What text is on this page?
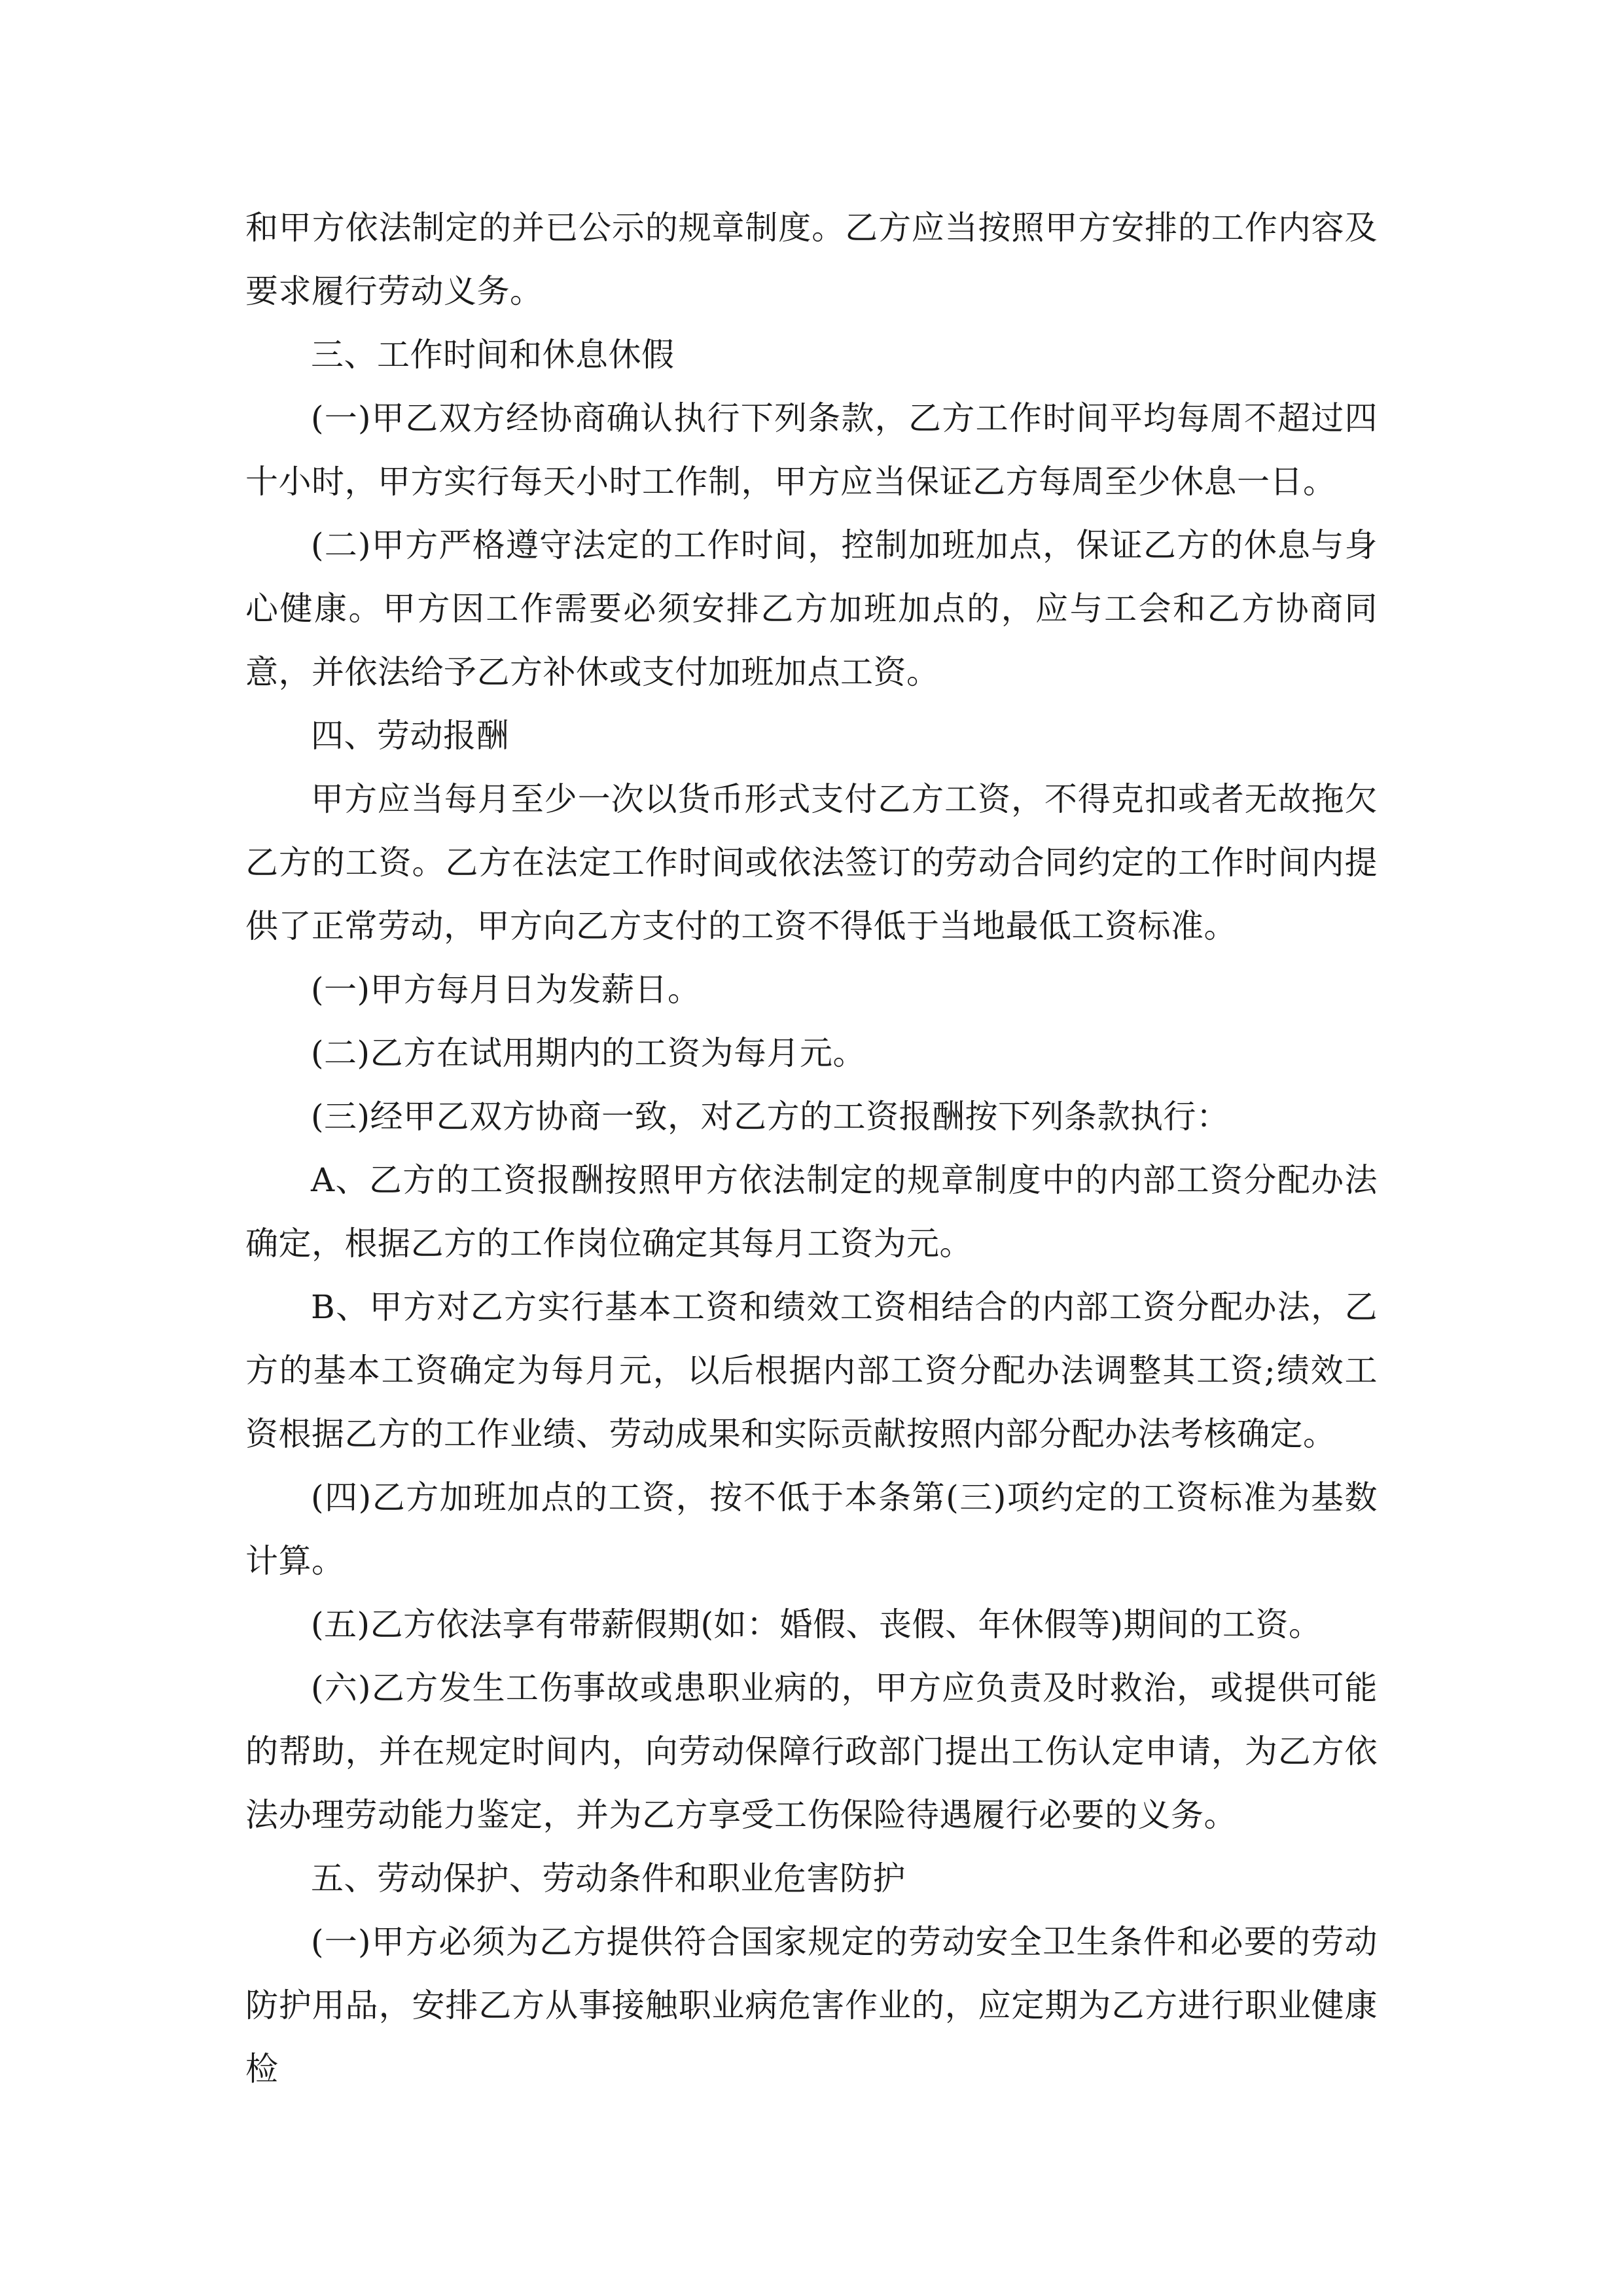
和甲方依法制定的并已公示的规章制度。乙方应当按照甲方安排的工作内容及要求履行劳动义务。

三、工作时间和休息休假

(一)甲乙双方经协商确认执行下列条款，乙方工作时间平均每周不超过四十小时，甲方实行每天小时工作制，甲方应当保证乙方每周至少休息一日。

(二)甲方严格遵守法定的工作时间，控制加班加点，保证乙方的休息与身心健康。甲方因工作需要必须安排乙方加班加点的，应与工会和乙方协商同意，并依法给予乙方补休或支付加班加点工资。

四、劳动报酬

甲方应当每月至少一次以货币形式支付乙方工资，不得克扣或者无故拖欠乙方的工资。乙方在法定工作时间或依法签订的劳动合同约定的工作时间内提供了正常劳动，甲方向乙方支付的工资不得低于当地最低工资标准。

(一)甲方每月日为发薪日。

(二)乙方在试用期内的工资为每月元。

(三)经甲乙双方协商一致，对乙方的工资报酬按下列条款执行：

A、乙方的工资报酬按照甲方依法制定的规章制度中的内部工资分配办法确定，根据乙方的工作岗位确定其每月工资为元。

B、甲方对乙方实行基本工资和绩效工资相结合的内部工资分配办法，乙方的基本工资确定为每月元，以后根据内部工资分配办法调整其工资;绩效工资根据乙方的工作业绩、劳动成果和实际贡献按照内部分配办法考核确定。

(四)乙方加班加点的工资，按不低于本条第(三)项约定的工资标准为基数计算。

(五)乙方依法享有带薪假期(如：婚假、丧假、年休假等)期间的工资。

(六)乙方发生工伤事故或患职业病的，甲方应负责及时救治，或提供可能的帮助，并在规定时间内，向劳动保障行政部门提出工伤认定申请，为乙方依法办理劳动能力鉴定，并为乙方享受工伤保险待遇履行必要的义务。

五、劳动保护、劳动条件和职业危害防护

(一)甲方必须为乙方提供符合国家规定的劳动安全卫生条件和必要的劳动防护用品，安排乙方从事接触职业病危害作业的，应定期为乙方进行职业健康检
